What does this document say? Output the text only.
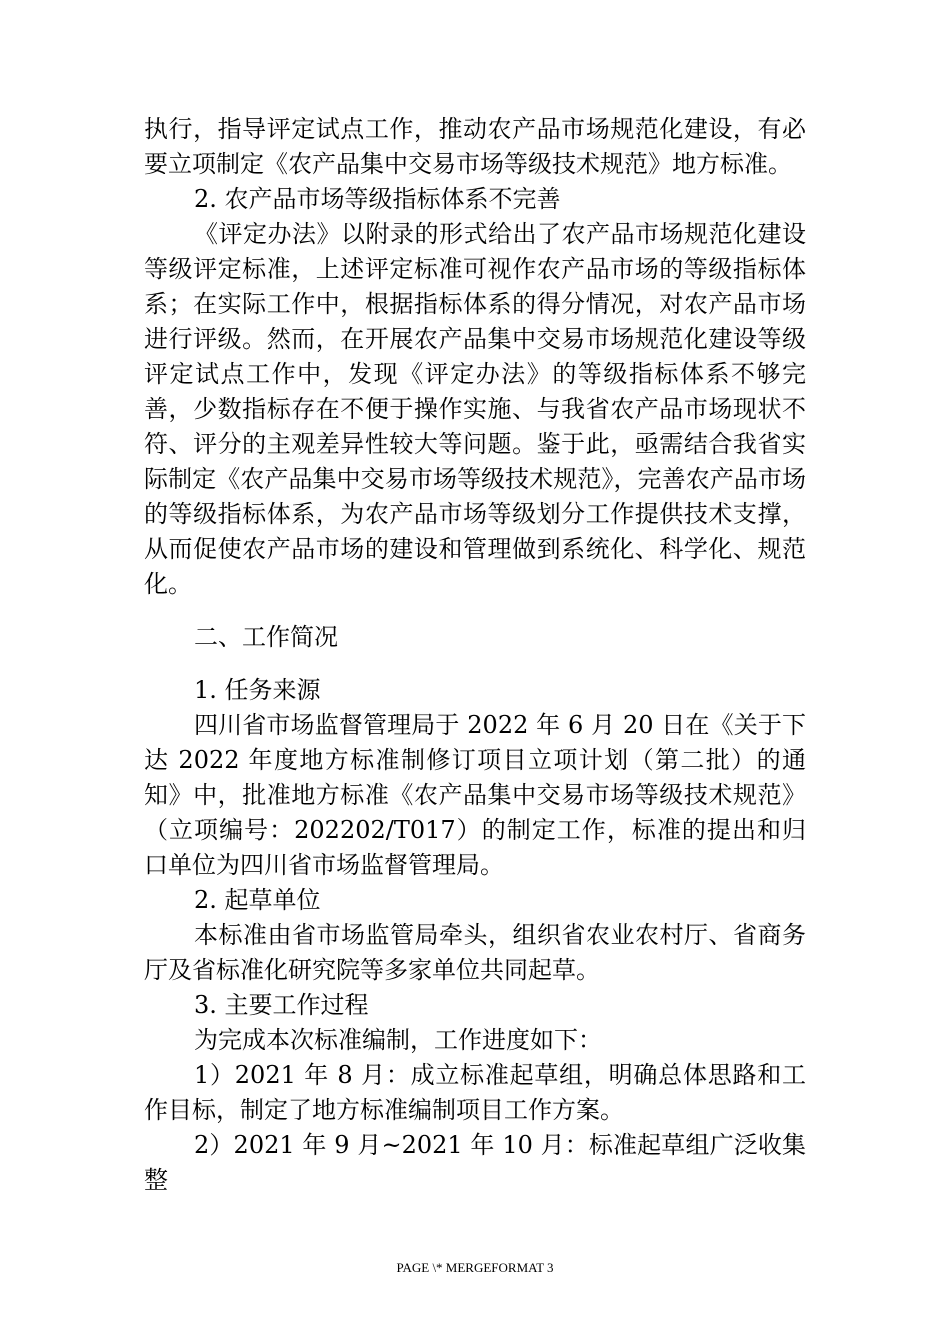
执行，指导评定试点工作，推动农产品市场规范化建设，有必要立项制定《农产品集中交易市场等级技术规范》地方标准。

2. 农产品市场等级指标体系不完善

《评定办法》以附录的形式给出了农产品市场规范化建设等级评定标准，上述评定标准可视作农产品市场的等级指标体系；在实际工作中，根据指标体系的得分情况，对农产品市场进行评级。然而，在开展农产品集中交易市场规范化建设等级评定试点工作中，发现《评定办法》的等级指标体系不够完善，少数指标存在不便于操作实施、与我省农产品市场现状不符、评分的主观差异性较大等问题。鉴于此，亟需结合我省实际制定《农产品集中交易市场等级技术规范》，完善农产品市场的等级指标体系，为农产品市场等级划分工作提供技术支撑，从而促使农产品市场的建设和管理做到系统化、科学化、规范化。

二、工作简况

1. 任务来源

四川省市场监督管理局于 2022 年 6 月 20 日在《关于下达 2022 年度地方标准制修订项目立项计划（第二批）的通知》中，批准地方标准《农产品集中交易市场等级技术规范》（立项编号：202202/T017）的制定工作，标准的提出和归口单位为四川省市场监督管理局。

2. 起草单位

本标准由省市场监管局牵头，组织省农业农村厅、省商务厅及省标准化研究院等多家单位共同起草。

3. 主要工作过程

为完成本次标准编制，工作进度如下：

1）2021 年 8 月：成立标准起草组，明确总体思路和工作目标，制定了地方标准编制项目工作方案。

2）2021 年 9 月~2021 年 10 月：标准起草组广泛收集整

PAGE \* MERGEFORMAT 3
